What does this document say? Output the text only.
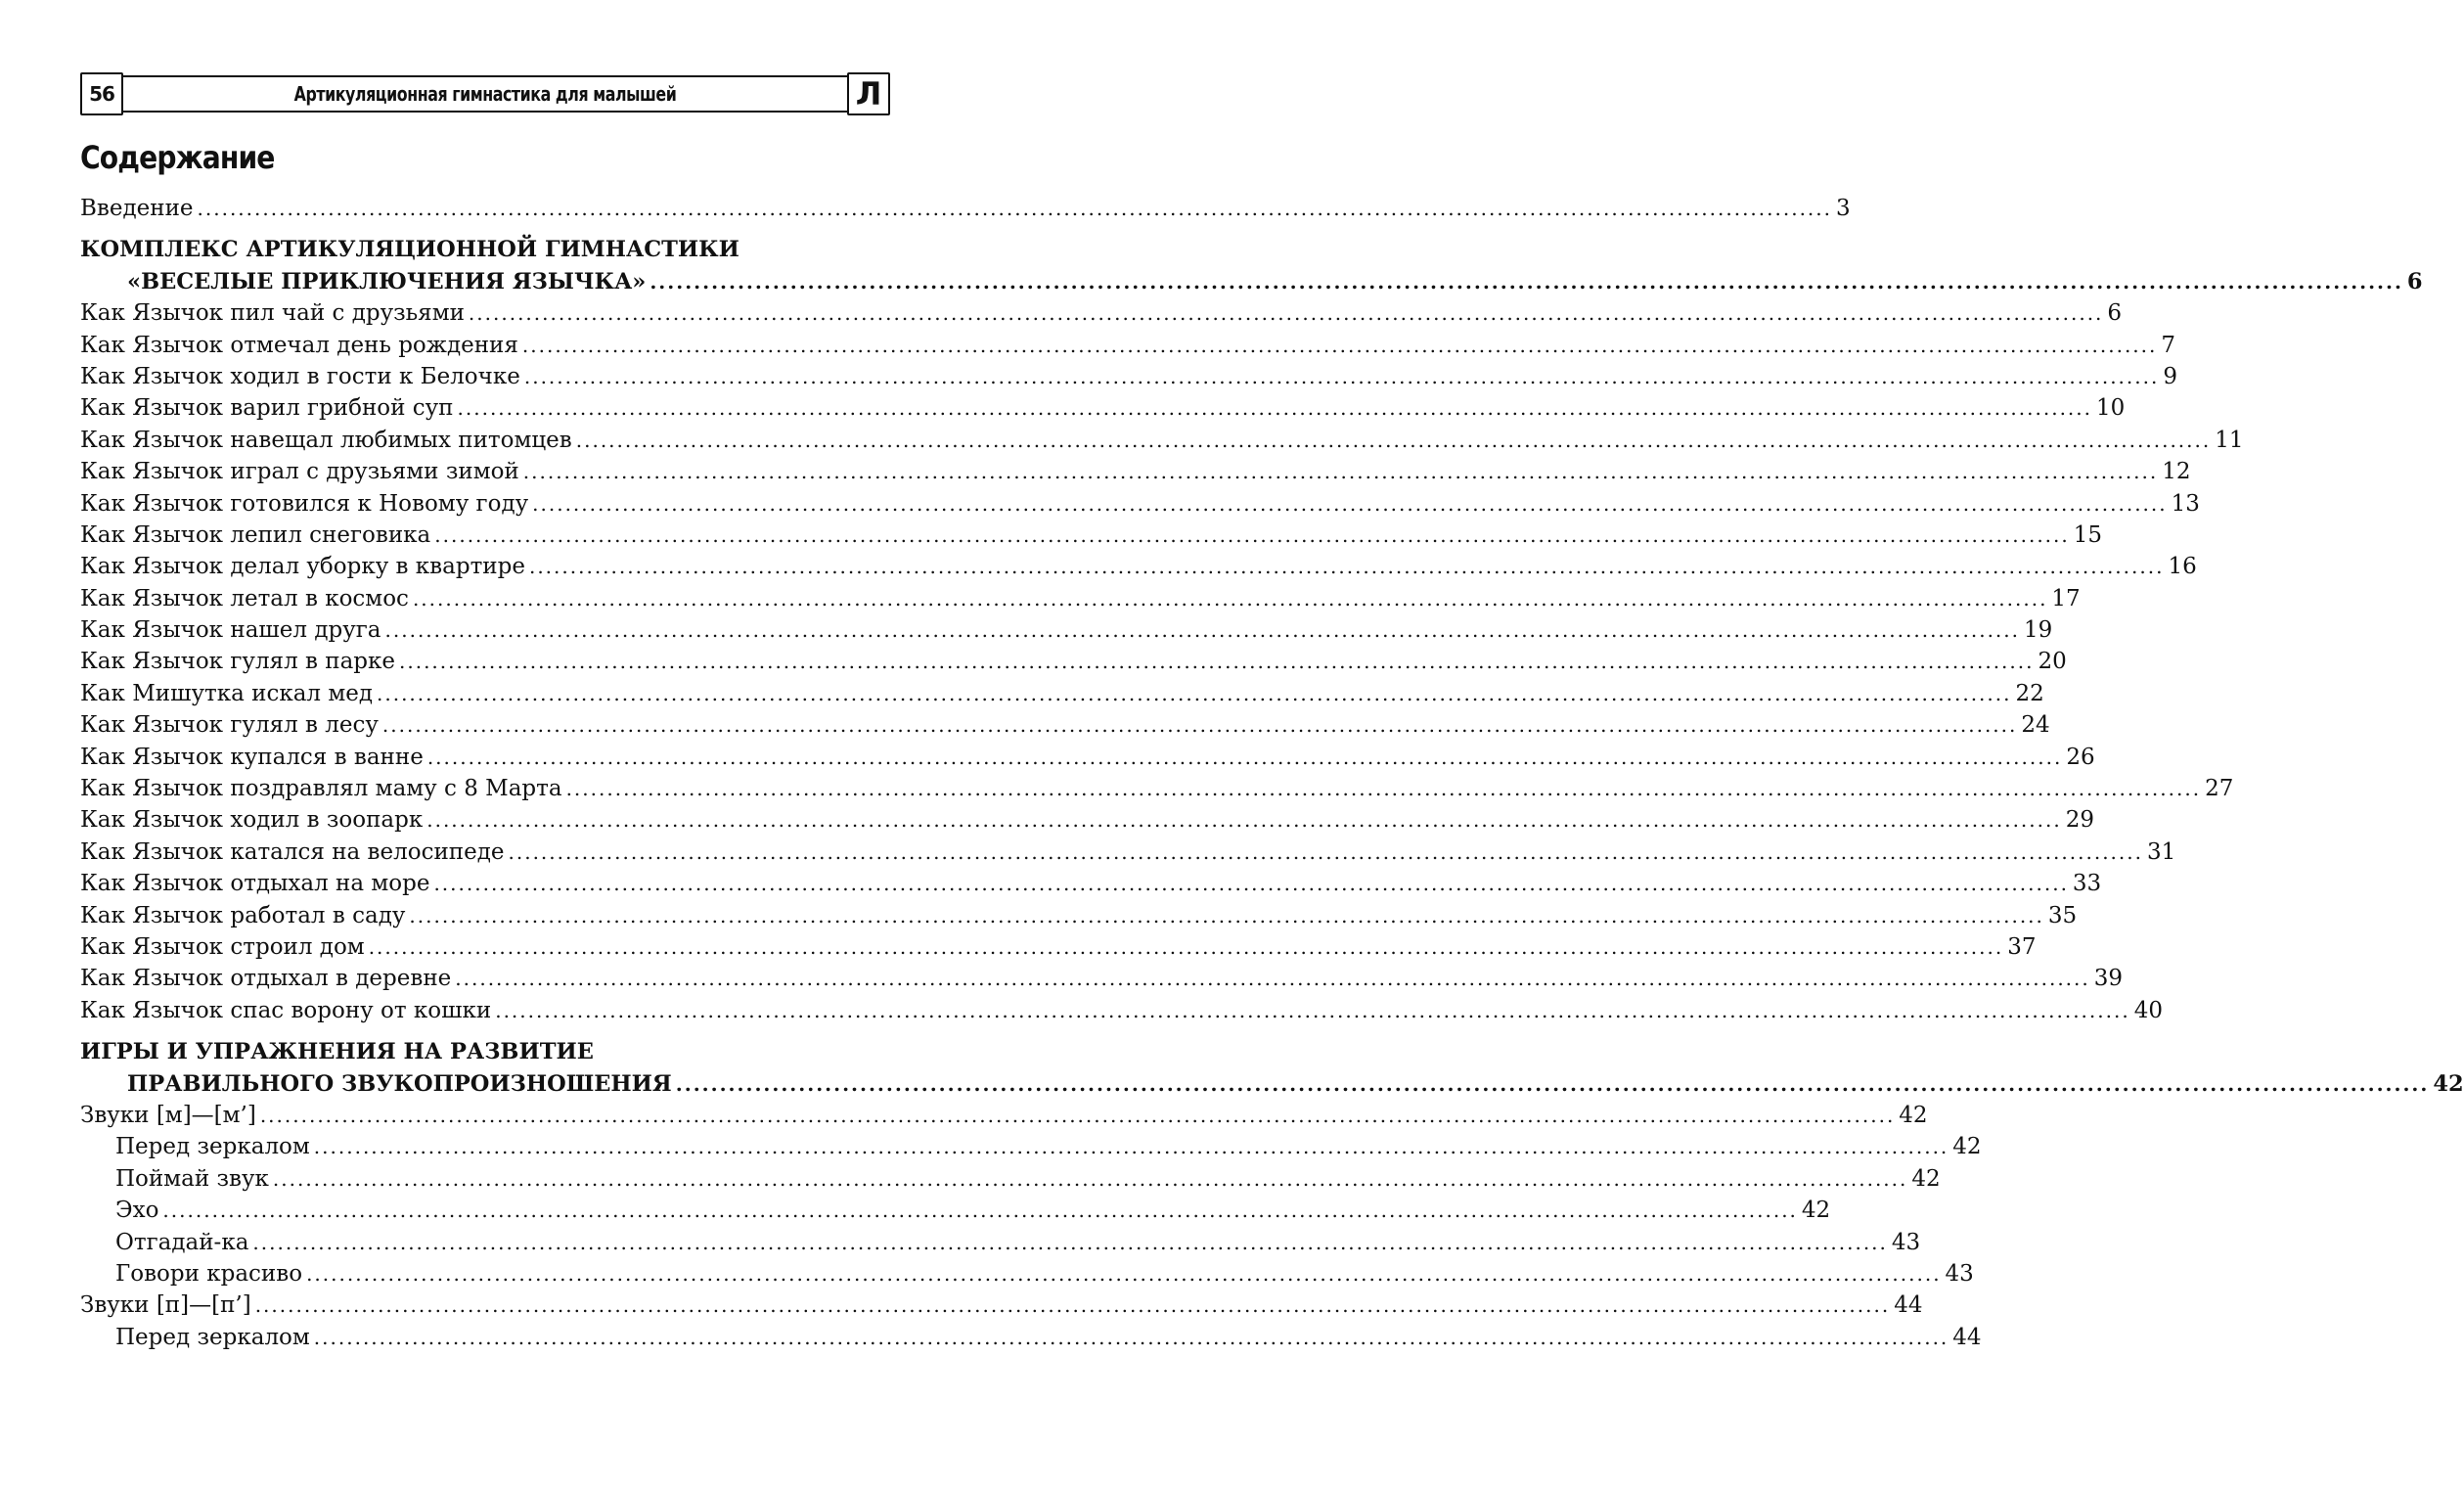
56	Артикуляционная гимнастика для малышей	Л
Содержание
Введение ........................................................................................................................................................................................................ 3
КОМПЛЕКС АРТИКУЛЯЦИОННОЙ ГИМНАСТИКИ
«ВЕСЕЛЫЕ ПРИКЛЮЧЕНИЯ ЯЗЫЧКА» ........................................................................................................................................................................................................ 6
Как Язычок пил чай с друзьями ........................................................................................................................................................................................................ 6
Как Язычок отмечал день рождения ........................................................................................................................................................................................................ 7
Как Язычок ходил в гости к Белочке ........................................................................................................................................................................................................ 9
Как Язычок варил грибной суп ........................................................................................................................................................................................................ 10
Как Язычок навещал любимых питомцев ........................................................................................................................................................................................................ 11
Как Язычок играл с друзьями зимой ........................................................................................................................................................................................................ 12
Как Язычок готовился к Новому году ........................................................................................................................................................................................................ 13
Как Язычок лепил снеговика ........................................................................................................................................................................................................ 15
Как Язычок делал уборку в квартире ........................................................................................................................................................................................................ 16
Как Язычок летал в космос ........................................................................................................................................................................................................ 17
Как Язычок нашел друга ........................................................................................................................................................................................................ 19
Как Язычок гулял в парке ........................................................................................................................................................................................................ 20
Как Мишутка искал мед ........................................................................................................................................................................................................ 22
Как Язычок гулял в лесу ........................................................................................................................................................................................................ 24
Как Язычок купался в ванне ........................................................................................................................................................................................................ 26
Как Язычок поздравлял маму с 8 Марта ........................................................................................................................................................................................................ 27
Как Язычок ходил в зоопарк ........................................................................................................................................................................................................ 29
Как Язычок катался на велосипеде ........................................................................................................................................................................................................ 31
Как Язычок отдыхал на море ........................................................................................................................................................................................................ 33
Как Язычок работал в саду ........................................................................................................................................................................................................ 35
Как Язычок строил дом ........................................................................................................................................................................................................ 37
Как Язычок отдыхал в деревне ........................................................................................................................................................................................................ 39
Как Язычок спас ворону от кошки ........................................................................................................................................................................................................ 40
ИГРЫ И УПРАЖНЕНИЯ НА РАЗВИТИЕ
ПРАВИЛЬНОГО ЗВУКОПРОИЗНОШЕНИЯ ........................................................................................................................................................................................................ 42
Звуки [м]—[м’] ........................................................................................................................................................................................................ 42
Перед зеркалом ........................................................................................................................................................................................................ 42
Поймай звук ........................................................................................................................................................................................................ 42
Эхо ........................................................................................................................................................................................................ 42
Отгадай-ка ........................................................................................................................................................................................................ 43
Говори красиво ........................................................................................................................................................................................................ 43
Звуки [п]—[п’] ........................................................................................................................................................................................................ 44
Перед зеркалом ........................................................................................................................................................................................................ 44
